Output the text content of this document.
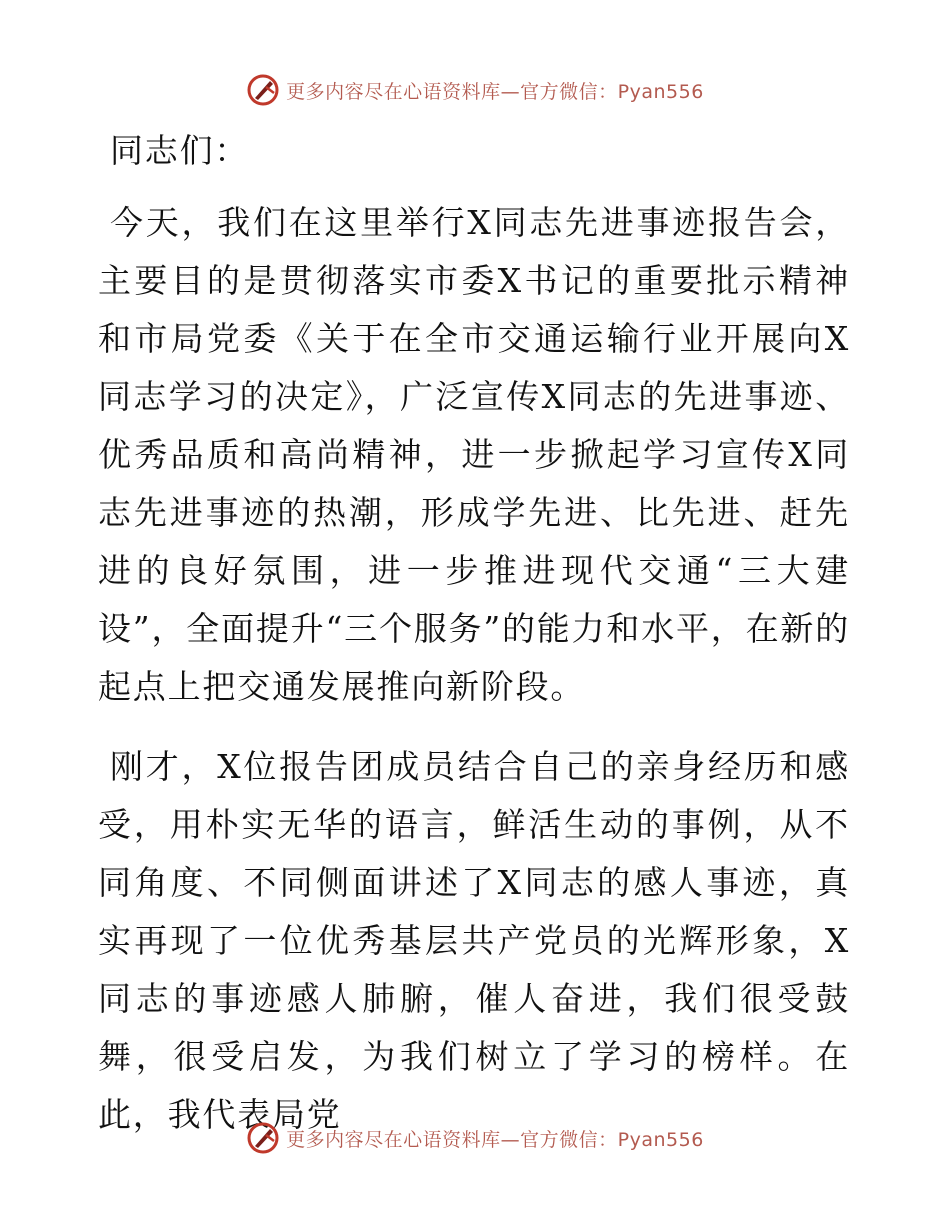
更多内容尽在心语资料库—官方微信：Pyan556

同志们：

今天，我们在这里举行X同志先进事迹报告会，主要目的是贯彻落实市委X书记的重要批示精神和市局党委《关于在全市交通运输行业开展向X同志学习的决定》，广泛宣传X同志的先进事迹、优秀品质和高尚精神，进一步掀起学习宣传X同志先进事迹的热潮，形成学先进、比先进、赶先进的良好氛围，进一步推进现代交通“三大建设”，全面提升“三个服务”的能力和水平，在新的起点上把交通发展推向新阶段。

刚才，X位报告团成员结合自己的亲身经历和感受，用朴实无华的语言，鲜活生动的事例，从不同角度、不同侧面讲述了X同志的感人事迹，真实再现了一位优秀基层共产党员的光辉形象，X同志的事迹感人肺腑，催人奋进，我们很受鼓舞，很受启发，为我们树立了学习的榜样。在此，我代表局党

更多内容尽在心语资料库—官方微信：Pyan556
